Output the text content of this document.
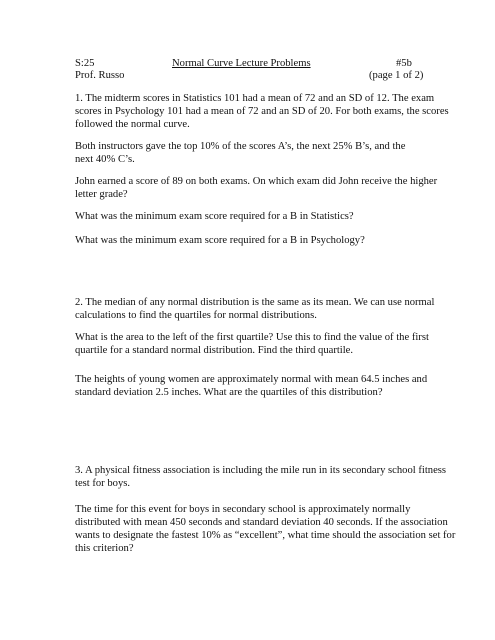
S:25	Normal Curve Lecture Problems	#5b

Prof. Russo	(page 1 of 2)

1. The midterm scores in Statistics 101 had a mean of 72 and an SD of 12. The exam
scores in Psychology 101 had a mean of 72 and an SD of 20. For both exams, the scores
followed the normal curve.
Both instructors gave the top 10% of the scores A’s, the next 25% B’s, and the
next 40% C’s.
John earned a score of 89 on both exams. On which exam did John receive the higher
letter grade?

What was the minimum exam score required for a B in Statistics?

What was the minimum exam score required for a B in Psychology?

2. The median of any normal distribution is the same as its mean. We can use normal
calculations to find the quartiles for normal distributions.
What is the area to the left of the first quartile? Use this to find the value of the first
quartile for a standard normal distribution. Find the third quartile.
The heights of young women are approximately normal with mean 64.5 inches and
standard deviation 2.5 inches. What are the quartiles of this distribution?
3. A physical fitness association is including the mile run in its secondary school fitness
test for boys.
The time for this event for boys in secondary school is approximately normally
distributed with mean 450 seconds and standard deviation 40 seconds. If the association
wants to designate the fastest 10% as “excellent”, what time should the association set for
this criterion?
